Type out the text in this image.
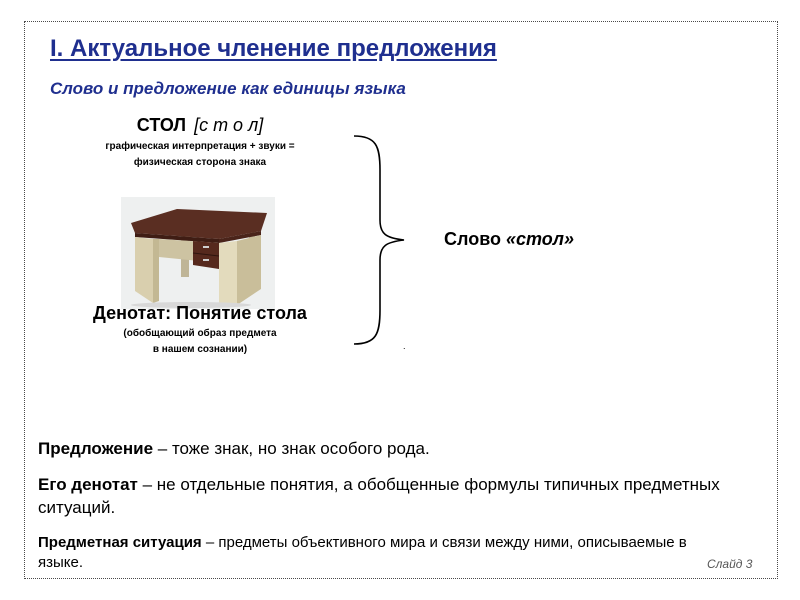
I. Актуальное членение предложения
Слово и предложение как единицы языка
СТОЛ [с т о л]
графическая интерпретация + звуки =
физическая сторона знака
Денотат: Понятие стола
(обобщающий образ предмета
в нашем сознании)
Слово «стол»
.
Предложение – тоже знак, но знак особого рода.
Его денотат – не отдельные понятия, а обобщенные формулы типичных предметных ситуаций.
Предметная ситуация – предметы объективного мира и связи между ними, описываемые в языке.	Слайд 3
